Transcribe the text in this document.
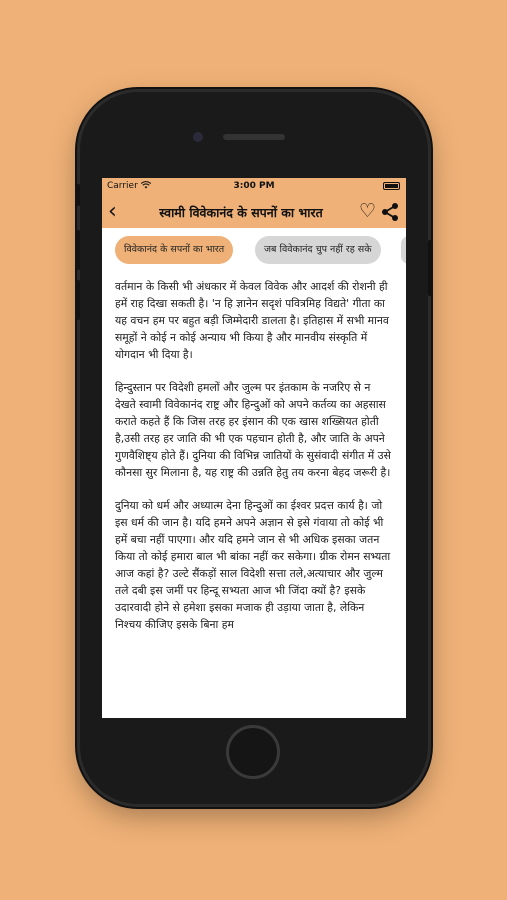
Carrier	3:00 PM
‹	स्वामी विवेकानंद के सपनों का भारत	♡
विवेकानंद के सपनों का भारत	जब विवेकानंद चुप नहीं रह सके

वर्तमान के किसी भी अंधकार में केवल विवेक और आदर्श की रोशनी ही हमें राह दिखा सकती है। 'न हि ज्ञानेन सदृशं पवित्रमिह विद्यते' गीता का यह वचन हम पर बहुत बड़ी जिम्मेदारी डालता है। इतिहास में सभी मानव समूहों ने कोई न कोई अन्याय भी किया है और मानवीय संस्कृति में योगदान भी दिया है।

हिन्दुस्तान पर विदेशी हमलों और जुल्म पर इंतकाम के नजरिए से न देखते स्वामी विवेकानंद राष्ट्र और हिन्दुओं को अपने कर्तव्य का अहसास कराते कहते हैं कि जिस तरह हर इंसान की एक खास शख्सियत होती है,उसी तरह हर जाति की भी एक पहचान होती है, और जाति के अपने गुणवैशिष्ट्य होते हैं। दुनिया की विभिन्न जातियों के सुसंवादी संगीत में उसे कौनसा सुर मिलाना है, यह राष्ट्र की उन्नति हेतु तय करना बेहद जरूरी है।

दुनिया को धर्म और अध्यात्म देना हिन्दुओं का ईश्वर प्रदत्त कार्य है। जो इस धर्म की जान है। यदि हमने अपने अज्ञान से इसे गंवाया तो कोई भी हमें बचा नहीं पाएगा। और यदि हमने जान से भी अधिक इसका जतन किया तो कोई हमारा बाल भी बांका नहीं कर सकेगा। ग्रीक रोमन सभ्यता आज कहां है? उल्टे सैंकड़ों साल विदेशी सत्ता तले,अत्याचार और जुल्म तले दबी इस जमीं पर हिन्दू सभ्यता आज भी जिंदा क्यों है? इसके उदारवादी होने से हमेशा इसका मजाक ही उड़ाया जाता है, लेकिन निश्चय कीजिए इसके बिना हम
